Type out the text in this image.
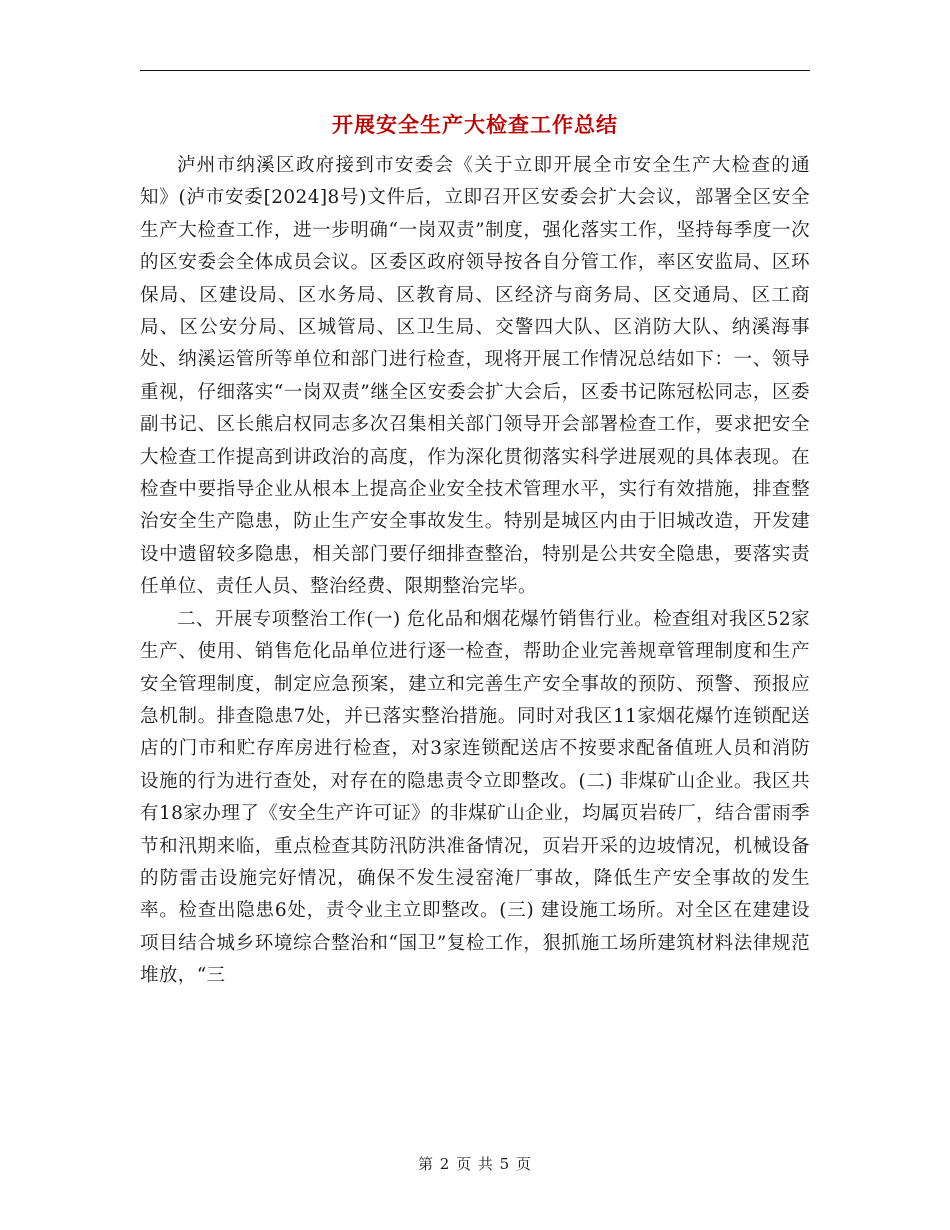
开展安全生产大检查工作总结

泸州市纳溪区政府接到市安委会《关于立即开展全市安全生产大检查的通知》(泸市安委[2024]8号)文件后，立即召开区安委会扩大会议，部署全区安全生产大检查工作，进一步明确“一岗双责”制度，强化落实工作，坚持每季度一次的区安委会全体成员会议。区委区政府领导按各自分管工作，率区安监局、区环保局、区建设局、区水务局、区教育局、区经济与商务局、区交通局、区工商局、区公安分局、区城管局、区卫生局、交警四大队、区消防大队、纳溪海事处、纳溪运管所等单位和部门进行检查，现将开展工作情况总结如下：一、领导重视，仔细落实“一岗双责”继全区安委会扩大会后，区委书记陈冠松同志，区委副书记、区长熊启权同志多次召集相关部门领导开会部署检查工作，要求把安全大检查工作提高到讲政治的高度，作为深化贯彻落实科学进展观的具体表现。在检查中要指导企业从根本上提高企业安全技术管理水平，实行有效措施，排查整治安全生产隐患，防止生产安全事故发生。特别是城区内由于旧城改造，开发建设中遗留较多隐患，相关部门要仔细排查整治，特别是公共安全隐患，要落实责任单位、责任人员、整治经费、限期整治完毕。

二、开展专项整治工作(一) 危化品和烟花爆竹销售行业。检查组对我区52家生产、使用、销售危化品单位进行逐一检查，帮助企业完善规章管理制度和生产安全管理制度，制定应急预案，建立和完善生产安全事故的预防、预警、预报应急机制。排查隐患7处，并已落实整治措施。同时对我区11家烟花爆竹连锁配送店的门市和贮存库房进行检查，对3家连锁配送店不按要求配备值班人员和消防设施的行为进行查处，对存在的隐患责令立即整改。(二) 非煤矿山企业。我区共有18家办理了《安全生产许可证》的非煤矿山企业，均属页岩砖厂，结合雷雨季节和汛期来临，重点检查其防汛防洪准备情况，页岩开采的边坡情况，机械设备的防雷击设施完好情况，确保不发生浸窑淹厂事故，降低生产安全事故的发生率。检查出隐患6处，责令业主立即整改。(三) 建设施工场所。对全区在建建设项目结合城乡环境综合整治和“国卫”复检工作，狠抓施工场所建筑材料法律规范堆放，“三

第 2 页 共 5 页
